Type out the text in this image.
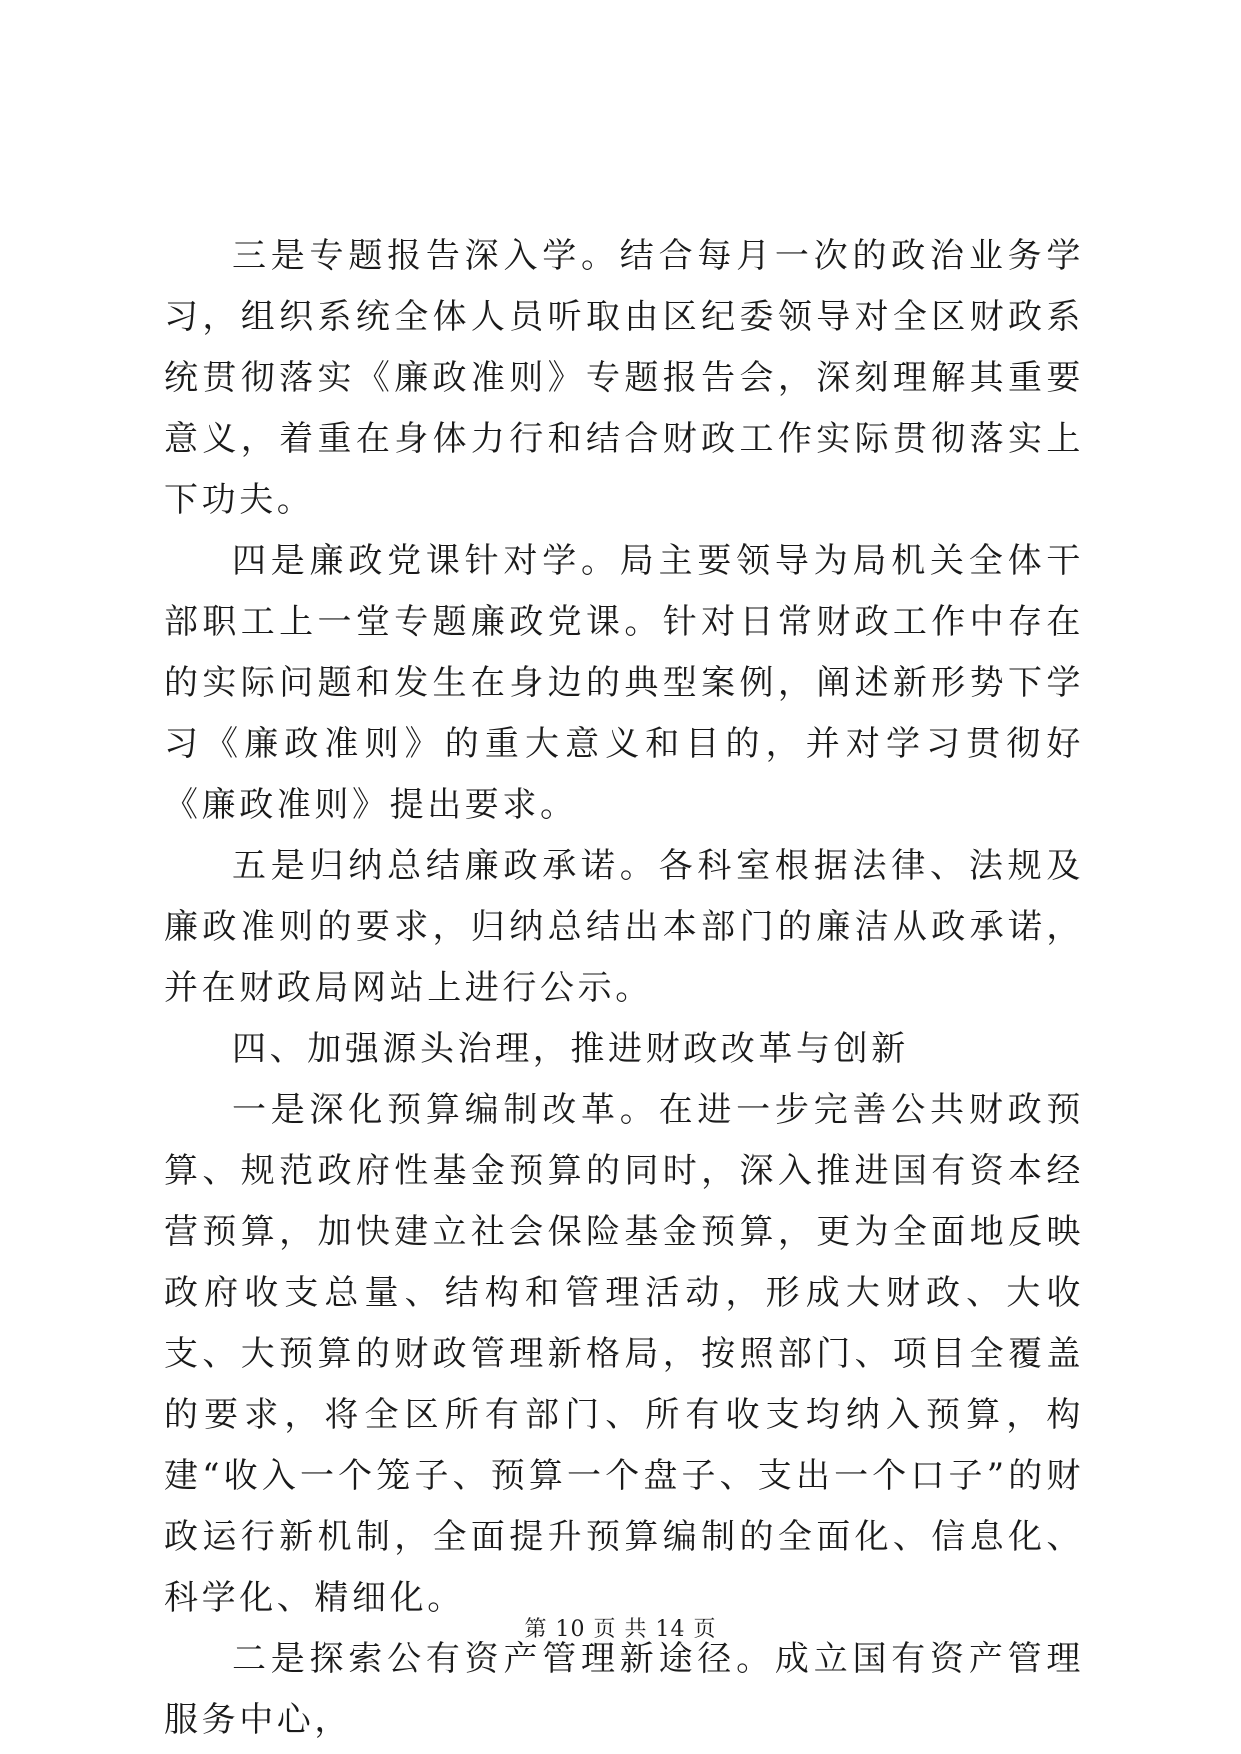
三是专题报告深入学。结合每月一次的政治业务学习，组织系统全体人员听取由区纪委领导对全区财政系统贯彻落实《廉政准则》专题报告会，深刻理解其重要意义，着重在身体力行和结合财政工作实际贯彻落实上下功夫。

四是廉政党课针对学。局主要领导为局机关全体干部职工上一堂专题廉政党课。针对日常财政工作中存在的实际问题和发生在身边的典型案例，阐述新形势下学习《廉政准则》的重大意义和目的，并对学习贯彻好《廉政准则》提出要求。

五是归纳总结廉政承诺。各科室根据法律、法规及廉政准则的要求，归纳总结出本部门的廉洁从政承诺，并在财政局网站上进行公示。

四、加强源头治理，推进财政改革与创新

一是深化预算编制改革。在进一步完善公共财政预算、规范政府性基金预算的同时，深入推进国有资本经营预算，加快建立社会保险基金预算，更为全面地反映政府收支总量、结构和管理活动，形成大财政、大收支、大预算的财政管理新格局，按照部门、项目全覆盖的要求，将全区所有部门、所有收支均纳入预算，构建“收入一个笼子、预算一个盘子、支出一个口子”的财政运行新机制，全面提升预算编制的全面化、信息化、科学化、精细化。

二是探索公有资产管理新途径。成立国有资产管理服务中心，

第 10 页 共 14 页
